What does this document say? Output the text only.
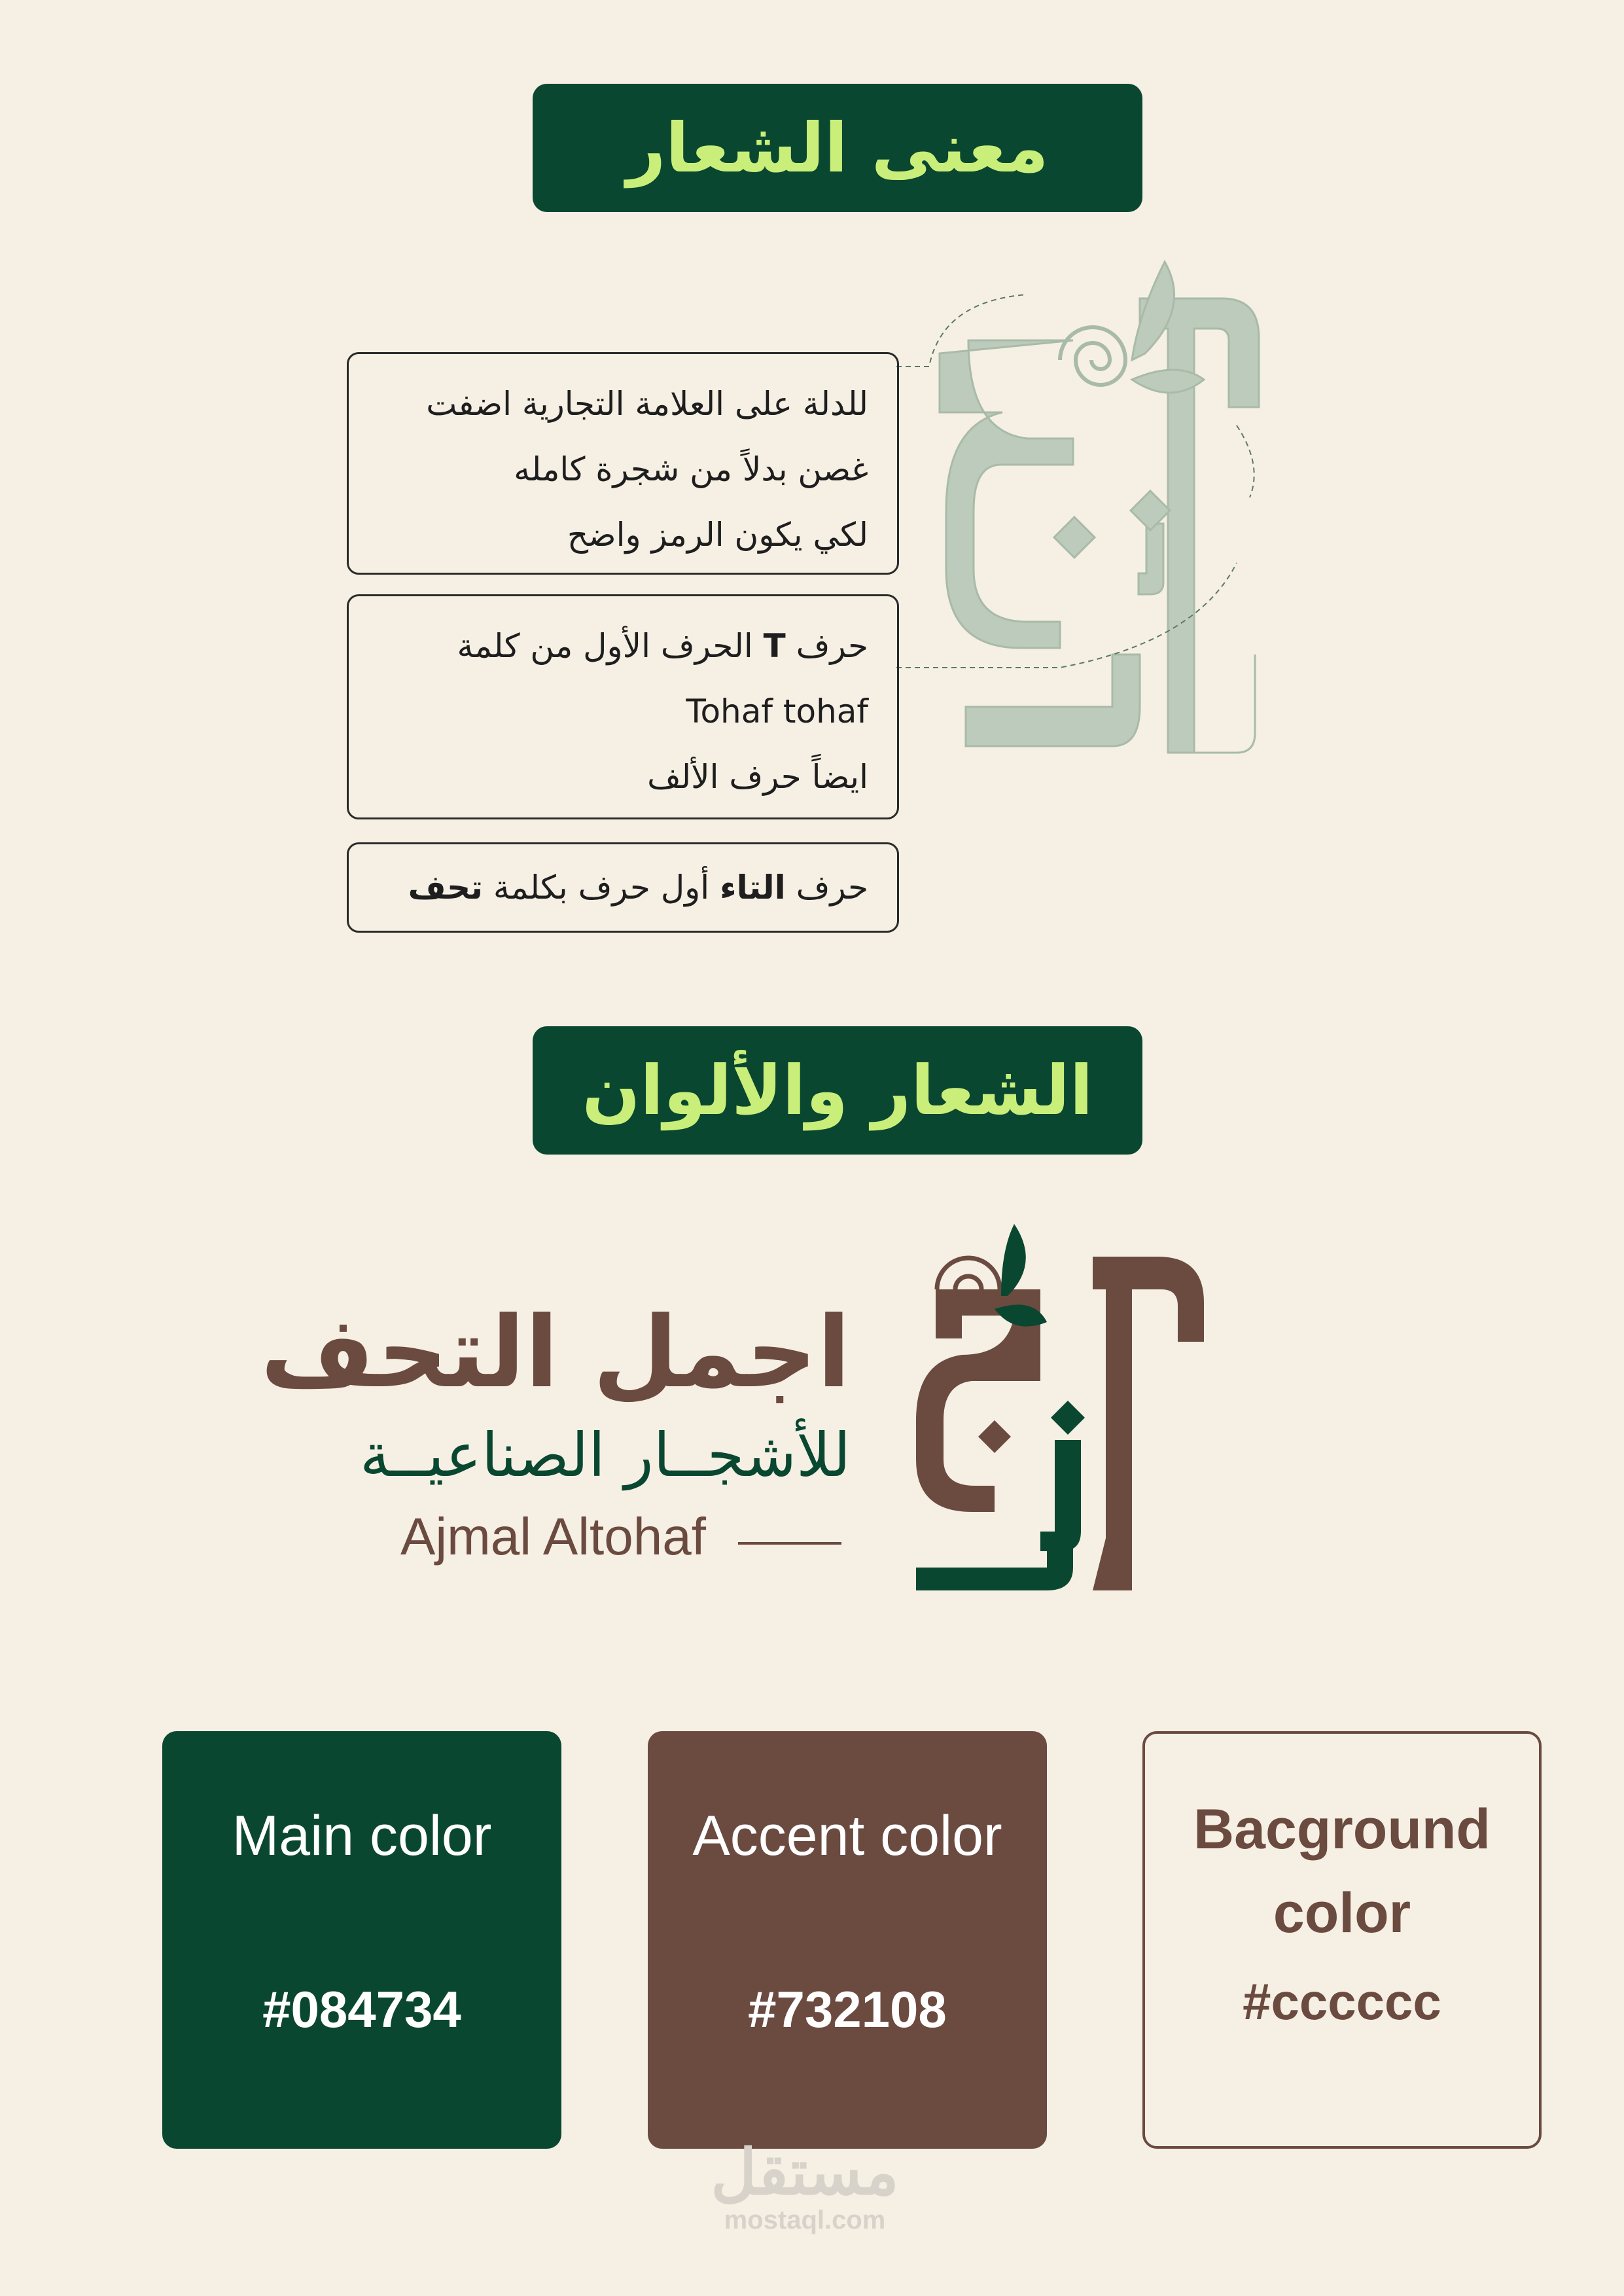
معنى الشعار
للدلة على العلامة التجارية اضفت
غصن بدلاً من شجرة كامله
لكي يكون الرمز واضح
حرف T الحرف الأول من كلمة
Tohaf tohaf
ايضاً حرف الألف
حرف التاء أول حرف بكلمة تحف
الشعار والألوان
اجمل التحف
للأشجــار الصناعيــة
Ajmal Altohaf
Main color
#084734
Accent color
#732108
Bacground
color
#cccccc
مستقل
mostaql.com
